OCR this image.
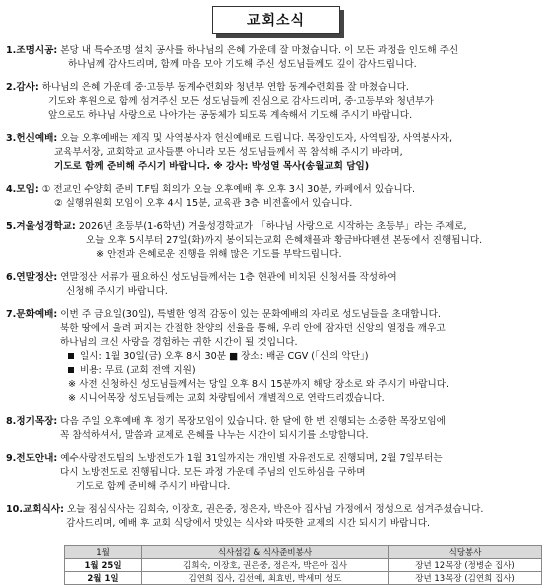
교회소식
1.조명시공: 본당 내 특수조명 설치 공사를 하나님의 은혜 가운데 잘 마쳤습니다. 이 모든 과정을 인도해 주신
하나님께 감사드리며, 함께 마음 모아 기도해 주신 성도님들께도 깊이 감사드립니다.
2.감사: 하나님의 은혜 가운데 중·고등부 동계수련회와 청년부 연합 동계수련회를 잘 마쳤습니다.
기도와 후원으로 함께 섬겨주신 모든 성도님들께 진심으로 감사드리며, 중·고등부와 청년부가
앞으로도 하나님 사랑으로 나아가는 공동체가 되도록 계속해서 기도해 주시기 바랍니다.
3.헌신예배: 오늘 오후예배는 제직 및 사역봉사자 헌신예배로 드립니다. 목장인도자, 사역팀장, 사역봉사자,
교육부서장, 교회학교 교사들뿐 아니라 모든 성도님들께서 꼭 참석해 주시기 바라며,
기도로 함께 준비해 주시기 바랍니다. ※ 강사: 박성열 목사(송월교회 담임)
4.모임: ① 전교인 수양회 준비 T.F팀 회의가 오늘 오후예배 후 오후 3시 30분, 카페에서 있습니다.
② 실행위원회 모임이 오후 4시 15분, 교육관 3층 비전홀에서 있습니다.
5.겨울성경학교: 2026년 초등부(1-6학년) 겨울성경학교가 「하나님 사랑으로 시작하는 초등부」라는 주제로,
오늘 오후 5시부터 27일(화)까지 봉이되는교회 은혜채플과 황금바다펜션 본동에서 진행됩니다.
※ 안전과 은혜로운 진행을 위해 많은 기도를 부탁드립니다.
6.연말정산: 연말정산 서류가 필요하신 성도님들께서는 1층 현관에 비치된 신청서를 작성하여
신청해 주시기 바랍니다.
7.문화예배: 이번 주 금요일(30일), 특별한 영적 감동이 있는 문화예배의 자리로 성도님들을 초대합니다.
북한 땅에서 울려 퍼지는 간절한 찬양의 선율을 통해, 우리 안에 잠자던 신앙의 열정을 깨우고
하나님의 크신 사랑을 경험하는 귀한 시간이 될 것입니다.
일시: 1월 30일(금) 오후 8시 30분 ■ 장소: 배곧 CGV (「신의 악단」)
비용: 무료 (교회 전액 지원)
※ 사전 신청하신 성도님들께서는 당일 오후 8시 15분까지 해당 장소로 와 주시기 바랍니다.
※ 시니어목장 성도님들께는 교회 차량팀에서 개별적으로 연락드리겠습니다.
8.정기목장: 다음 주일 오후예배 후 정기 목장모임이 있습니다. 한 달에 한 번 진행되는 소중한 목장모임에
꼭 참석하셔서, 말씀과 교제로 은혜를 나누는 시간이 되시기를 소망합니다.
9.전도안내: 예수사랑전도팀의 노방전도가 1월 31일까지는 개인별 자유전도로 진행되며, 2월 7일부터는
다시 노방전도로 진행됩니다. 모든 과정 가운데 주님의 인도하심을 구하며
기도로 함께 준비해 주시기 바랍니다.
10.교회식사: 오늘 점심식사는 김희숙, 이장호, 권은중, 정은자, 박은아 집사님 가정에서 정성으로 섬겨주셨습니다.
감사드리며, 예배 후 교회 식당에서 맛있는 식사와 따뜻한 교제의 시간 되시기 바랍니다.
1월	식사섬김 & 식사준비봉사	식당봉사
1월 25일	김희숙, 이장호, 권은중, 정은자, 박은아 집사	장년 12목장 (정병순 집사)
2월 1일	김연희 집사, 김선예, 최효빈, 박세미 성도	장년 13목장 (김연희 집사)
